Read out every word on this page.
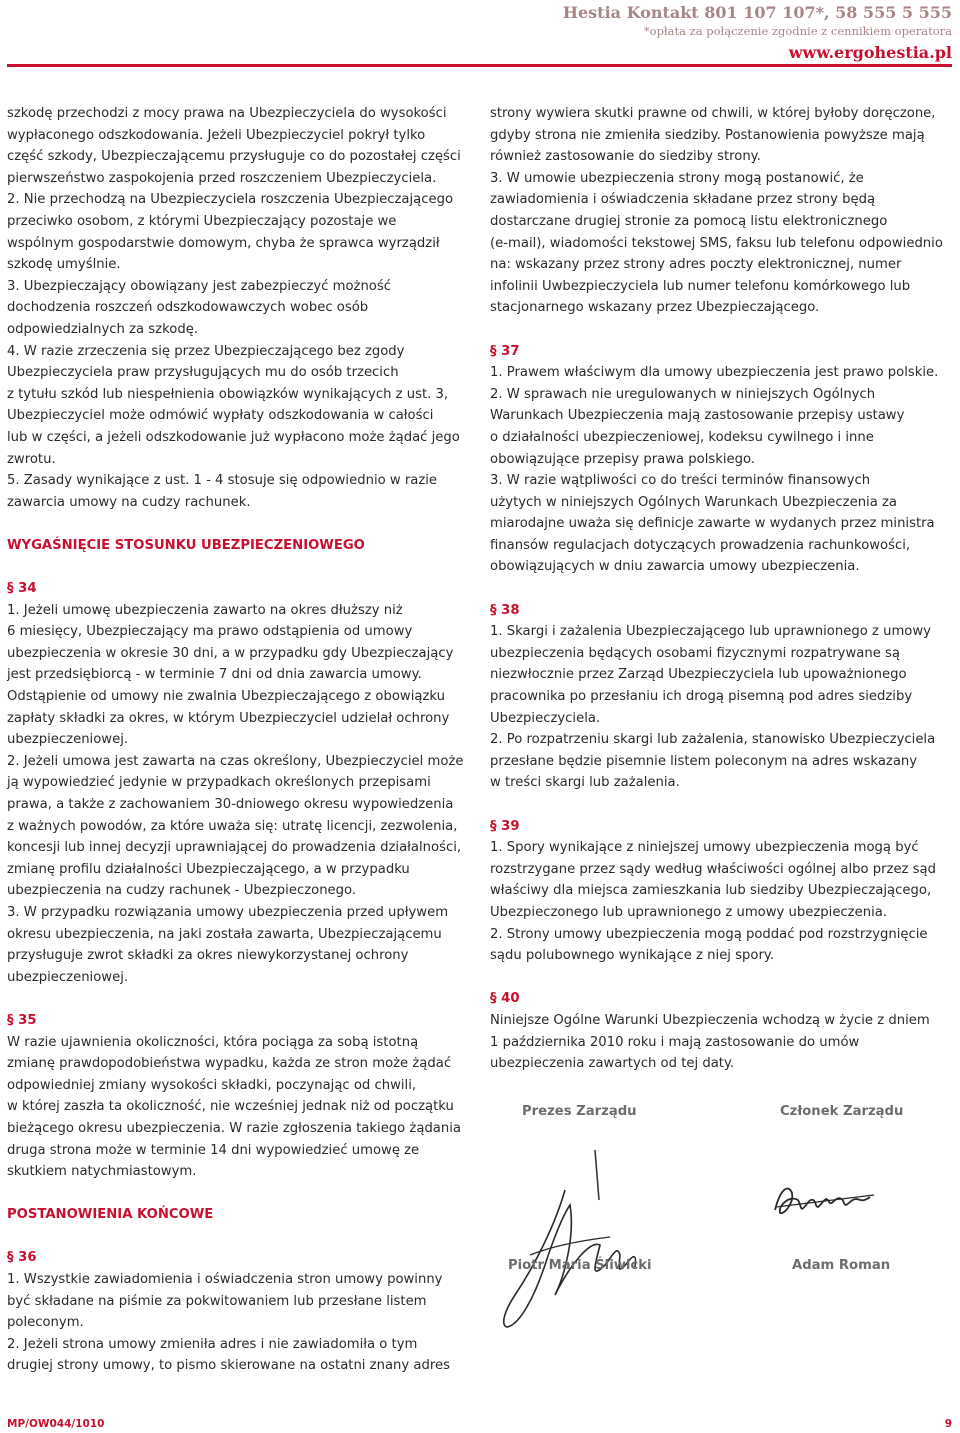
Hestia Kontakt 801 107 107*, 58 555 5 555
*opłata za połączenie zgodnie z cennikiem operatora
www.ergohestia.pl

szkodę przechodzi z mocy prawa na Ubezpieczyciela do wysokości
wypłaconego odszkodowania. Jeżeli Ubezpieczyciel pokrył tylko
część szkody, Ubezpieczającemu przysługuje co do pozostałej części
pierwszeństwo zaspokojenia przed roszczeniem Ubezpieczyciela.

2. Nie przechodzą na Ubezpieczyciela roszczenia Ubezpieczającego
przeciwko osobom, z którymi Ubezpieczający pozostaje we
wspólnym gospodarstwie domowym, chyba że sprawca wyrządził
szkodę umyślnie.

3. Ubezpieczający obowiązany jest zabezpieczyć możność
dochodzenia roszczeń odszkodowawczych wobec osób
odpowiedzialnych za szkodę.

4. W razie zrzeczenia się przez Ubezpieczającego bez zgody
Ubezpieczyciela praw przysługujących mu do osób trzecich
z tytułu szkód lub niespełnienia obowiązków wynikających z ust. 3,
Ubezpieczyciel może odmówić wypłaty odszkodowania w całości
lub w części, a jeżeli odszkodowanie już wypłacono może żądać jego
zwrotu.

5. Zasady wynikające z ust. 1 - 4 stosuje się odpowiednio w razie
zawarcia umowy na cudzy rachunek.

WYGAŚNIĘCIE STOSUNKU UBEZPIECZENIOWEGO

§ 34

1. Jeżeli umowę ubezpieczenia zawarto na okres dłuższy niż
6 miesięcy, Ubezpieczający ma prawo odstąpienia od umowy
ubezpieczenia w okresie 30 dni, a w przypadku gdy Ubezpieczający
jest przedsiębiorcą - w terminie 7 dni od dnia zawarcia umowy.
Odstąpienie od umowy nie zwalnia Ubezpieczającego z obowiązku
zapłaty składki za okres, w którym Ubezpieczyciel udzielał ochrony
ubezpieczeniowej.

2. Jeżeli umowa jest zawarta na czas określony, Ubezpieczyciel może
ją wypowiedzieć jedynie w przypadkach określonych przepisami
prawa, a także z zachowaniem 30-dniowego okresu wypowiedzenia
z ważnych powodów, za które uważa się: utratę licencji, zezwolenia,
koncesji lub innej decyzji uprawniającej do prowadzenia działalności,
zmianę profilu działalności Ubezpieczającego, a w przypadku
ubezpieczenia na cudzy rachunek - Ubezpieczonego.

3. W przypadku rozwiązania umowy ubezpieczenia przed upływem
okresu ubezpieczenia, na jaki została zawarta, Ubezpieczającemu
przysługuje zwrot składki za okres niewykorzystanej ochrony
ubezpieczeniowej.

§ 35

W razie ujawnienia okoliczności, która pociąga za sobą istotną
zmianę prawdopodobieństwa wypadku, każda ze stron może żądać
odpowiedniej zmiany wysokości składki, poczynając od chwili,
w której zaszła ta okoliczność, nie wcześniej jednak niż od początku
bieżącego okresu ubezpieczenia. W razie zgłoszenia takiego żądania
druga strona może w terminie 14 dni wypowiedzieć umowę ze
skutkiem natychmiastowym.

POSTANOWIENIA KOŃCOWE

§ 36

1. Wszystkie zawiadomienia i oświadczenia stron umowy powinny
być składane na piśmie za pokwitowaniem lub przesłane listem
poleconym.

2. Jeżeli strona umowy zmieniła adres i nie zawiadomiła o tym
drugiej strony umowy, to pismo skierowane na ostatni znany adres

strony wywiera skutki prawne od chwili, w której byłoby doręczone,
gdyby strona nie zmieniła siedziby. Postanowienia powyższe mają
również zastosowanie do siedziby strony.

3. W umowie ubezpieczenia strony mogą postanowić, że
zawiadomienia i oświadczenia składane przez strony będą
dostarczane drugiej stronie za pomocą listu elektronicznego
(e-mail), wiadomości tekstowej SMS, faksu lub telefonu odpowiednio
na: wskazany przez strony adres poczty elektronicznej, numer
infolinii Uwbezpieczyciela lub numer telefonu komórkowego lub
stacjonarnego wskazany przez Ubezpieczającego.

§ 37

1. Prawem właściwym dla umowy ubezpieczenia jest prawo polskie.

2. W sprawach nie uregulowanych w niniejszych Ogólnych
Warunkach Ubezpieczenia mają zastosowanie przepisy ustawy
o działalności ubezpieczeniowej, kodeksu cywilnego i inne
obowiązujące przepisy prawa polskiego.

3. W razie wątpliwości co do treści terminów finansowych
użytych w niniejszych Ogólnych Warunkach Ubezpieczenia za
miarodajne uważa się definicje zawarte w wydanych przez ministra
finansów regulacjach dotyczących prowadzenia rachunkowości,
obowiązujących w dniu zawarcia umowy ubezpieczenia.

§ 38

1. Skargi i zażalenia Ubezpieczającego lub uprawnionego z umowy
ubezpieczenia będących osobami fizycznymi rozpatrywane są
niezwłocznie przez Zarząd Ubezpieczyciela lub upoważnionego
pracownika po przesłaniu ich drogą pisemną pod adres siedziby
Ubezpieczyciela.

2. Po rozpatrzeniu skargi lub zażalenia, stanowisko Ubezpieczyciela
przesłane będzie pisemnie listem poleconym na adres wskazany
w treści skargi lub zażalenia.

§ 39

1. Spory wynikające z niniejszej umowy ubezpieczenia mogą być
rozstrzygane przez sądy według właściwości ogólnej albo przez sąd
właściwy dla miejsca zamieszkania lub siedziby Ubezpieczającego,
Ubezpieczonego lub uprawnionego z umowy ubezpieczenia.

2. Strony umowy ubezpieczenia mogą poddać pod rozstrzygnięcie
sądu polubownego wynikające z niej spory.

§ 40

Niniejsze Ogólne Warunki Ubezpieczenia wchodzą w życie z dniem
1 października 2010 roku i mają zastosowanie do umów
ubezpieczenia zawartych od tej daty.

Prezes Zarządu	Członek Zarządu
Piotr Maria Śliwicki	Adam Roman
MP/OW044/1010	9
